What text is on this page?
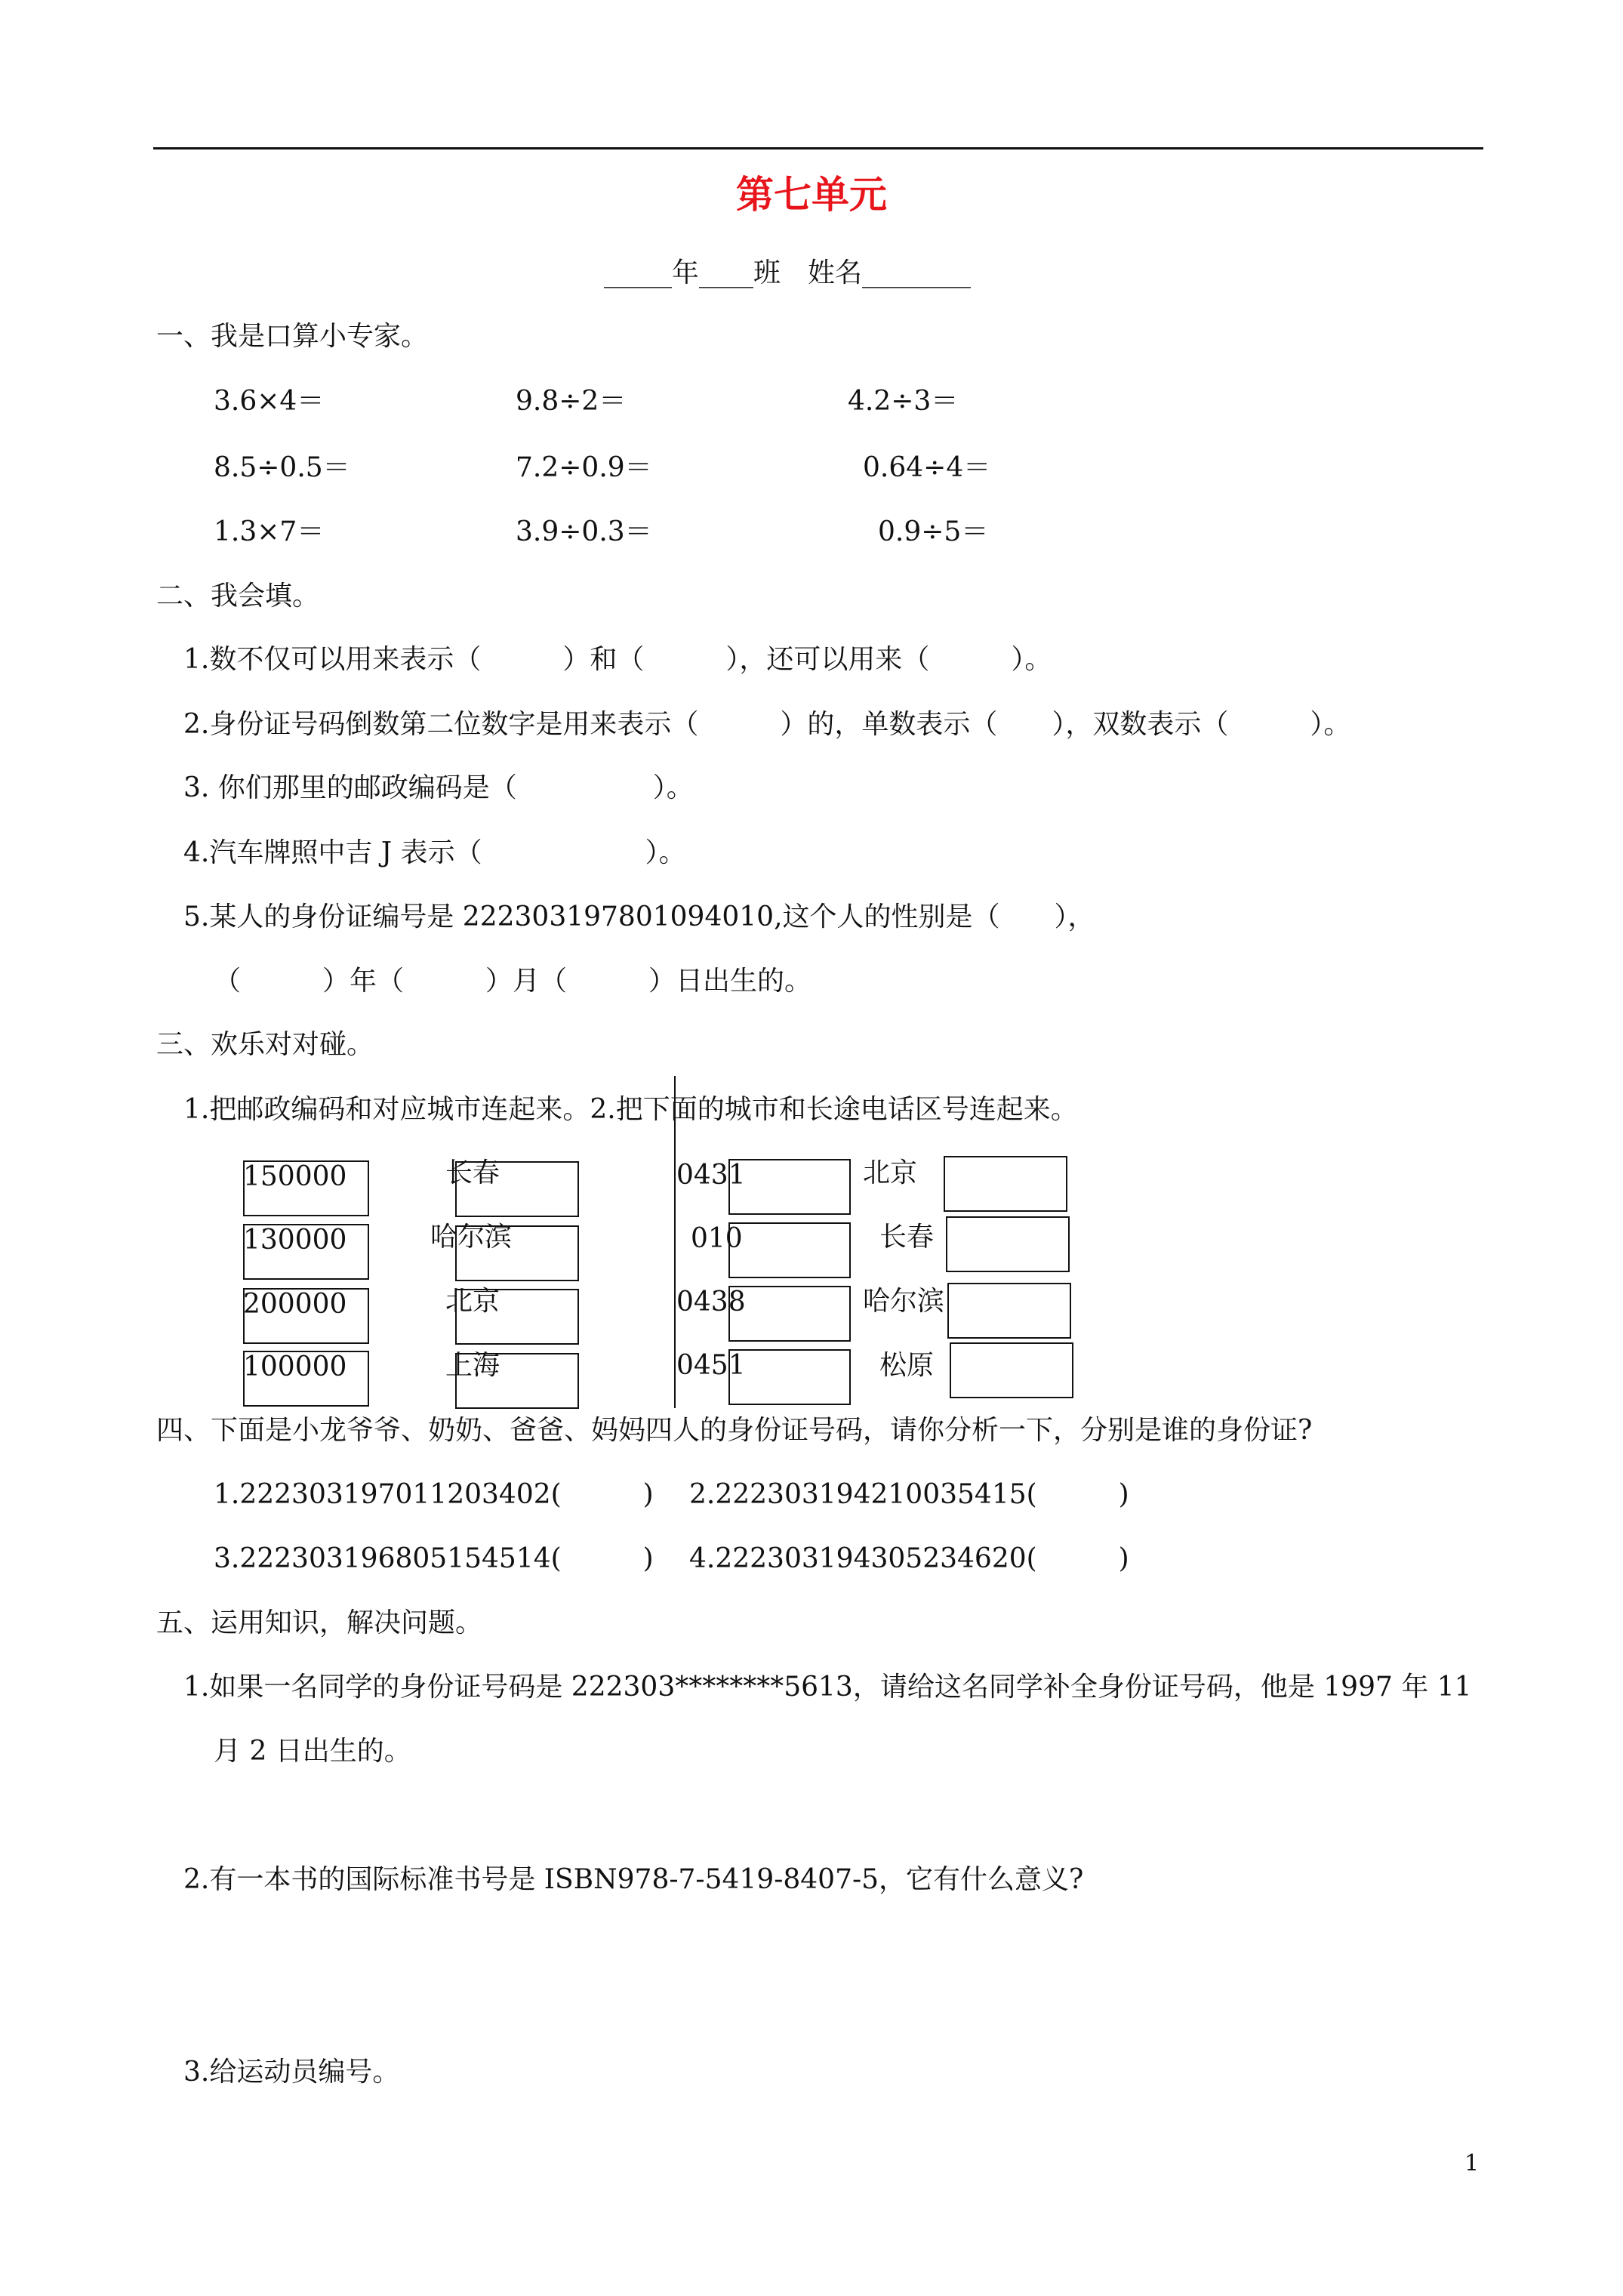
第七单元
_____年____班　姓名________
一、我是口算小专家。
3.6×4＝	9.8÷2＝	4.2÷3＝
8.5÷0.5＝	7.2÷0.9＝	0.64÷4＝
1.3×7＝	3.9÷0.3＝	0.9÷5＝
二、我会填。
1.数不仅可以用来表示（　　　）和（　　　），还可以用来（　　　）。
2.身份证号码倒数第二位数字是用来表示（　　　）的，单数表示（　　），双数表示（　　　）。
3. 你们那里的邮政编码是（　　　　　）。
4.汽车牌照中吉 J 表示（　　　　　　）。
5.某人的身份证编号是 222303197801094010,这个人的性别是（　　），
（　　　）年（　　　）月（　　　）日出生的。
三、欢乐对对碰。
1.把邮政编码和对应城市连起来。2.把下面的城市和长途电话区号连起来。
150000
130000
200000
100000
长春
哈尔滨
北京
上海
0431
010
0438
0451
北京
长春
哈尔滨
松原
四、下面是小龙爷爷、奶奶、爸爸、妈妈四人的身份证号码，请你分析一下，分别是谁的身份证?
1.222303197011203402(　　　) 2.222303194210035415(　　　)
3.222303196805154514(　　　) 4.222303194305234620(　　　)
五、运用知识，解决问题。
1.如果一名同学的身份证号码是 222303********5613，请给这名同学补全身份证号码，他是 1997 年 11
月 2 日出生的。
2.有一本书的国际标准书号是 ISBN978-7-5419-8407-5，它有什么意义?
3.给运动员编号。
1
